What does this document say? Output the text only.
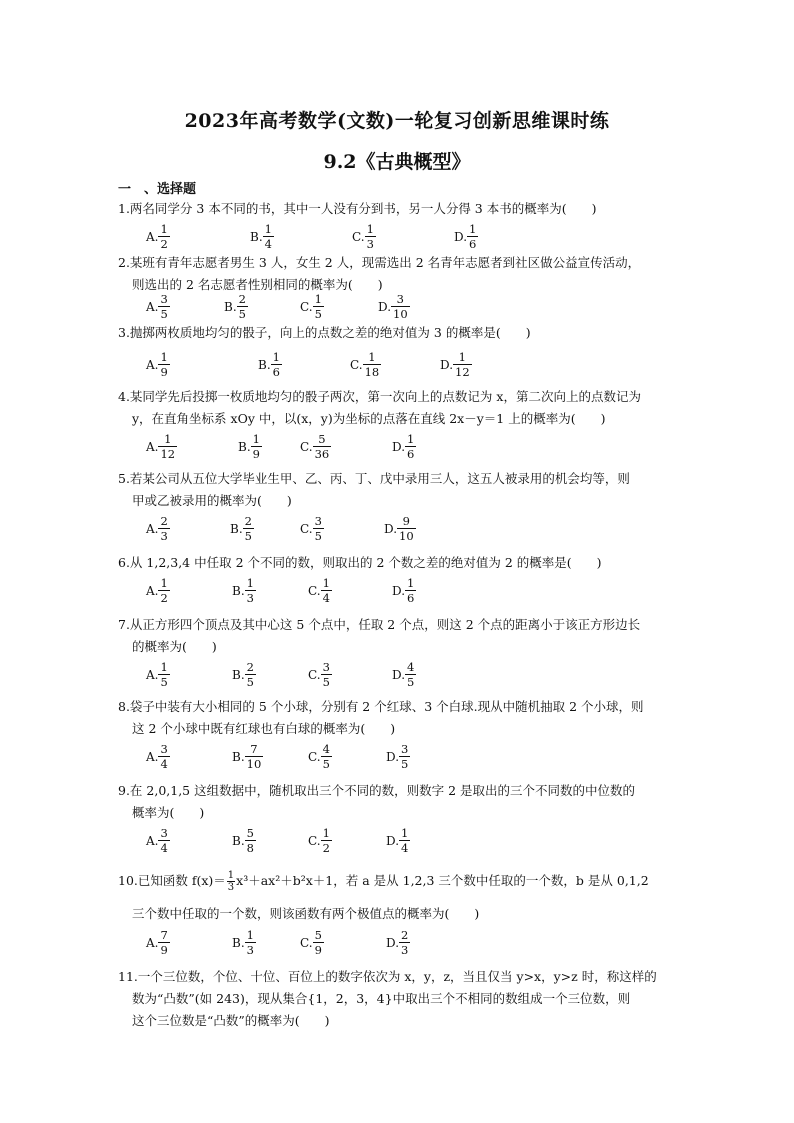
2023年高考数学(文数)一轮复习创新思维课时练
9.2《古典概型》
一　、选择题
1.两名同学分 3 本不同的书，其中一人没有分到书，另一人分得 3 本书的概率为(　　)
A. $\frac{1}{2}$	B. $\frac{1}{4}$	C. $\frac{1}{3}$	D. $\frac{1}{6}$
2.某班有青年志愿者男生 3 人，女生 2 人，现需选出 2 名青年志愿者到社区做公益宣传活动，
则选出的 2 名志愿者性别相同的概率为(　　)
A. $\frac{3}{5}$	B. $\frac{2}{5}$	C. $\frac{1}{5}$	D. $\frac{3}{10}$
3.抛掷两枚质地均匀的骰子，向上的点数之差的绝对值为 3 的概率是(　　)
A. $\frac{1}{9}$	B. $\frac{1}{6}$	C. $\frac{1}{18}$	D. $\frac{1}{12}$
4.某同学先后投掷一枚质地均匀的骰子两次，第一次向上的点数记为 x，第二次向上的点数记为
y，在直角坐标系 xOy 中，以(x，y)为坐标的点落在直线 2x－y＝1 上的概率为(　　)
A. $\frac{1}{12}$	B. $\frac{1}{9}$	C. $\frac{5}{36}$	D. $\frac{1}{6}$
5.若某公司从五位大学毕业生甲、乙、丙、丁、戊中录用三人，这五人被录用的机会均等，则
甲或乙被录用的概率为(　　)
A. $\frac{2}{3}$	B. $\frac{2}{5}$	C. $\frac{3}{5}$	D. $\frac{9}{10}$
6.从 1,2,3,4 中任取 2 个不同的数，则取出的 2 个数之差的绝对值为 2 的概率是(　　)
A. $\frac{1}{2}$	B. $\frac{1}{3}$	C. $\frac{1}{4}$	D. $\frac{1}{6}$
7.从正方形四个顶点及其中心这 5 个点中，任取 2 个点，则这 2 个点的距离小于该正方形边长
的概率为(　　)
A. $\frac{1}{5}$	B. $\frac{2}{5}$	C. $\frac{3}{5}$	D. $\frac{4}{5}$
8.袋子中装有大小相同的 5 个小球，分别有 2 个红球、3 个白球.现从中随机抽取 2 个小球，则
这 2 个小球中既有红球也有白球的概率为(　　)
A. $\frac{3}{4}$	B. $\frac{7}{10}$	C. $\frac{4}{5}$	D. $\frac{3}{5}$
9.在 2,0,1,5 这组数据中，随机取出三个不同的数，则数字 2 是取出的三个不同数的中位数的
概率为(　　)
A. $\frac{3}{4}$	B. $\frac{5}{8}$	C. $\frac{1}{2}$	D. $\frac{1}{4}$
10.已知函数 $f(x)= \frac{1}{3} x^3+ax^2+b^2x+1$，若 a 是从 1,2,3 三个数中任取的一个数，b 是从 0,1,2
三个数中任取的一个数，则该函数有两个极值点的概率为(　　)
A. $\frac{7}{9}$	B. $\frac{1}{3}$	C. $\frac{5}{9}$	D. $\frac{2}{3}$
11.一个三位数，个位、十位、百位上的数字依次为 x，y，z，当且仅当 y>x，y>z 时，称这样的
数为“凸数”(如 243)，现从集合{1，2，3，4}中取出三个不相同的数组成一个三位数，则
这个三位数是“凸数”的概率为(　　)
